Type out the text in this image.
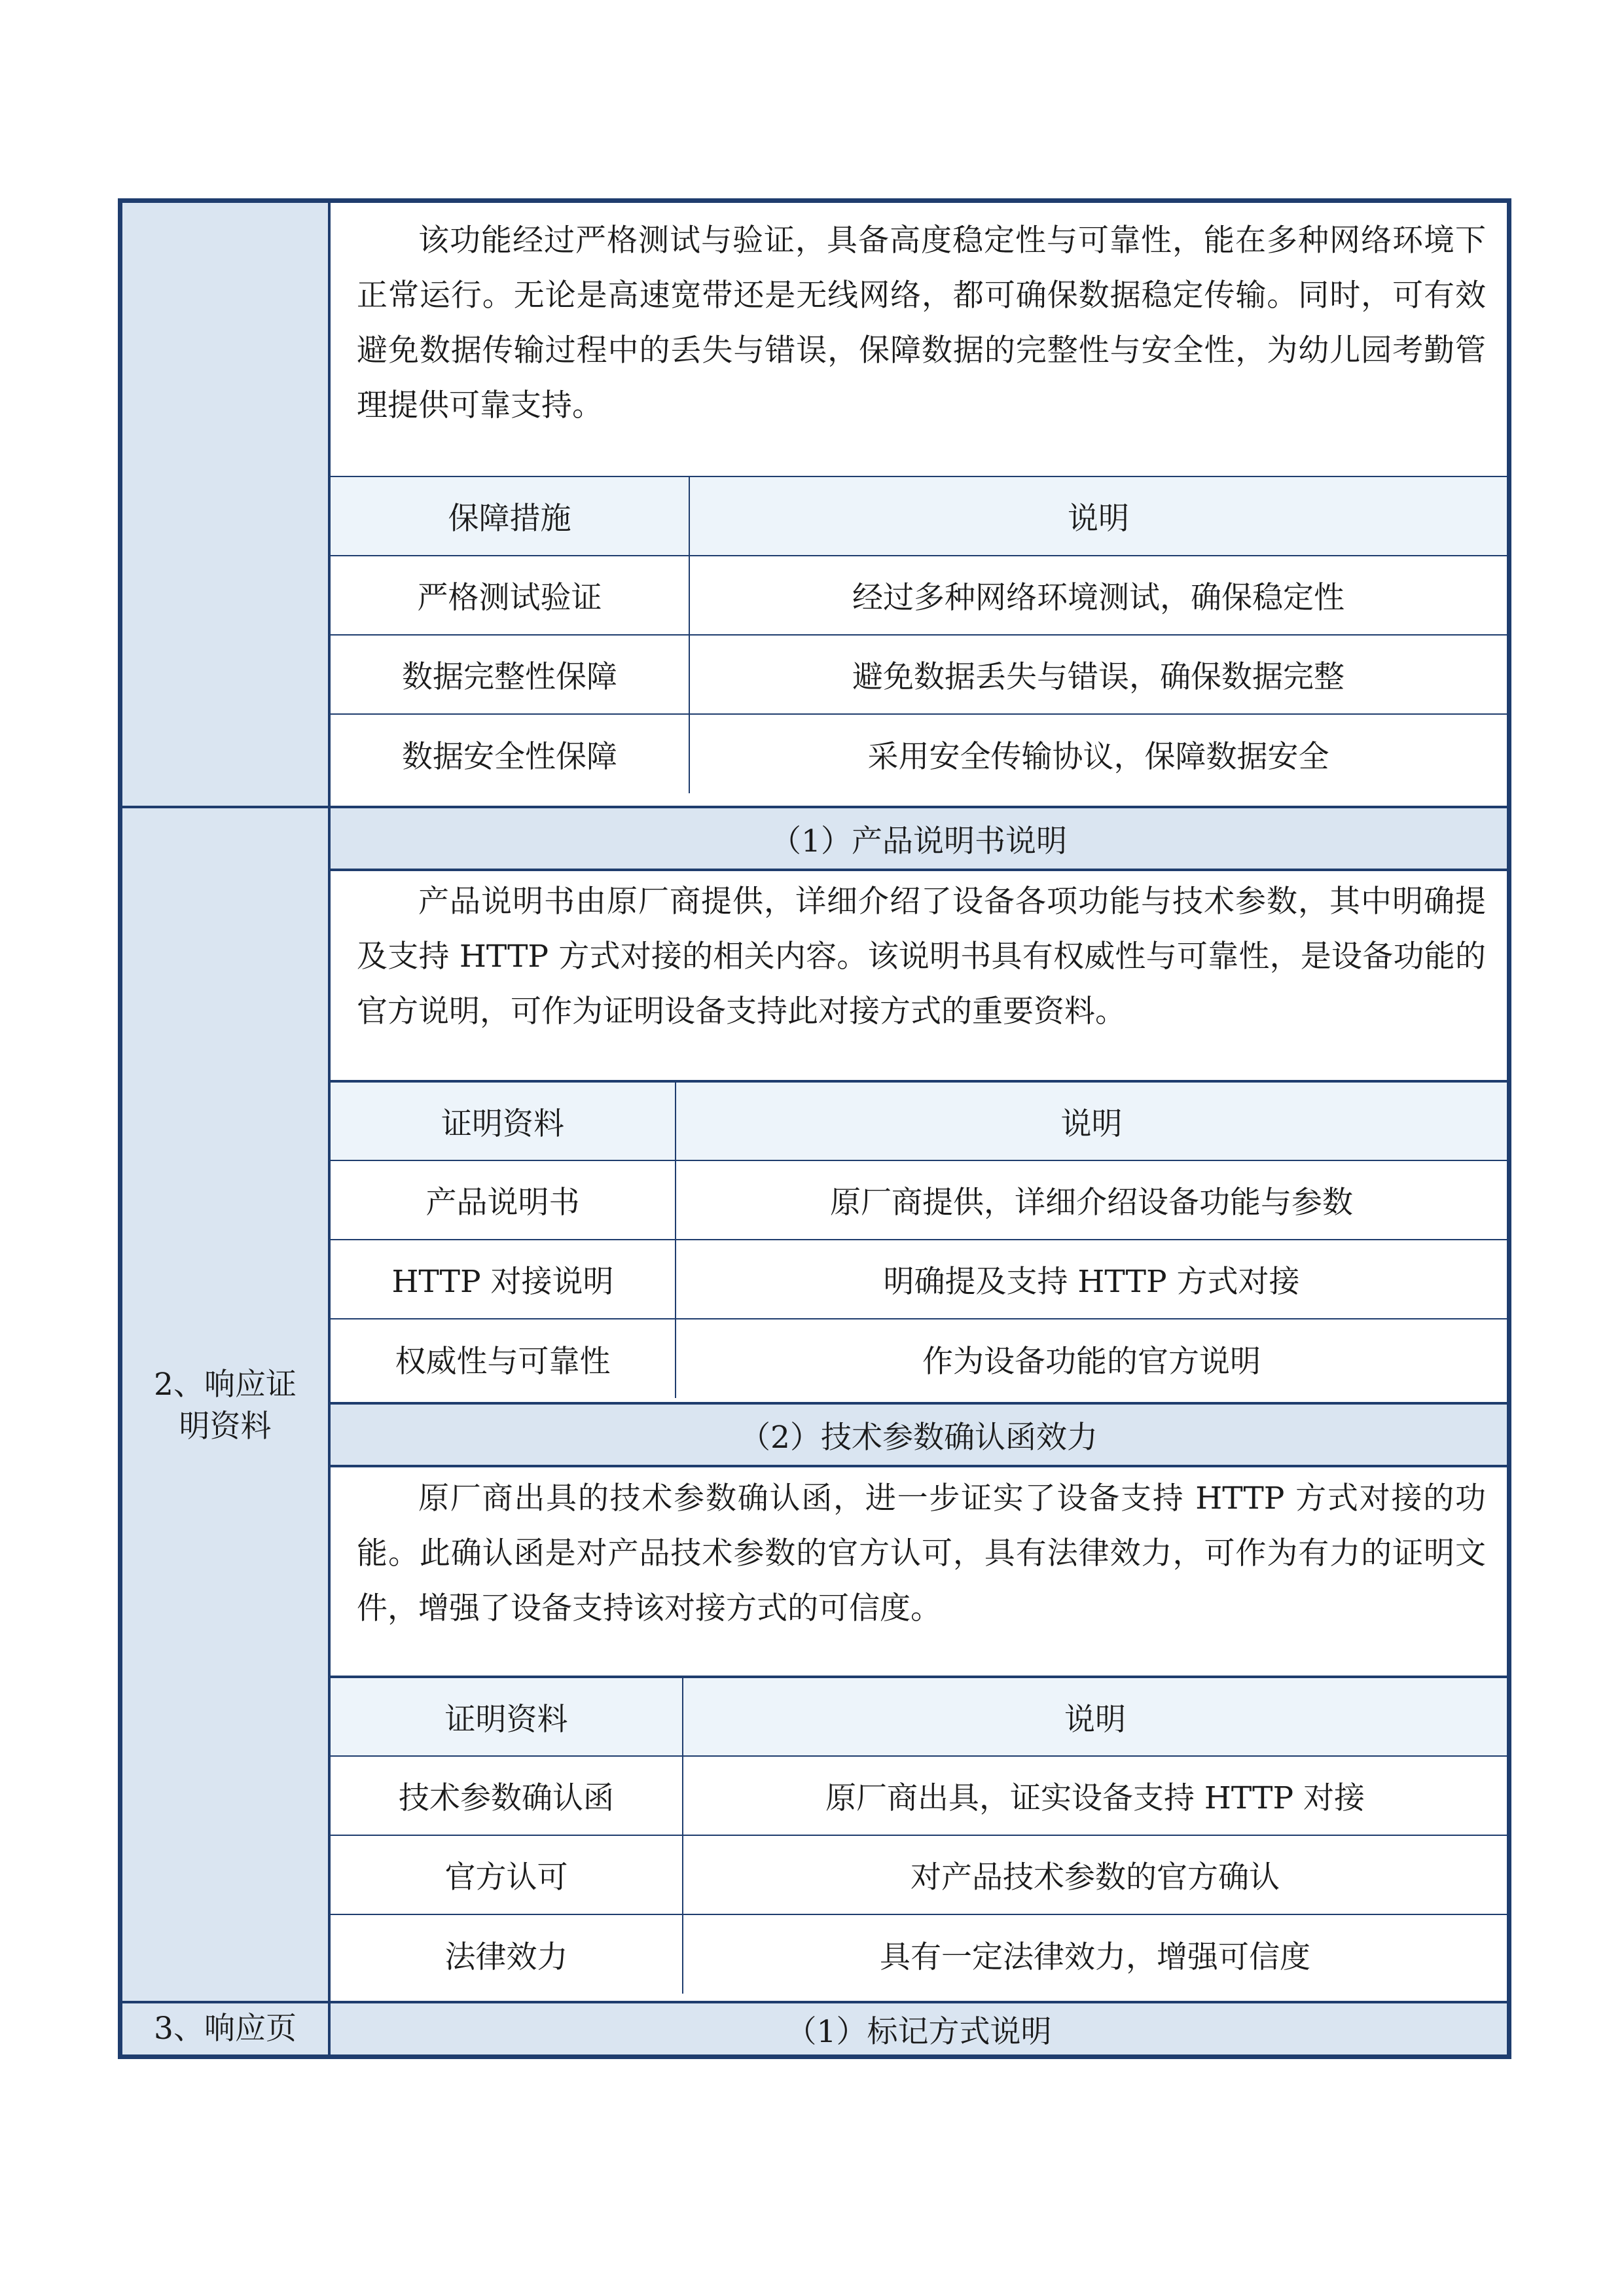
该功能经过严格测试与验证，具备高度稳定性与可靠性，能在多种网络环境下正常运行。无论是高速宽带还是无线网络，都可确保数据稳定传输。同时，可有效避免数据传输过程中的丢失与错误，保障数据的完整性与安全性，为幼儿园考勤管理提供可靠支持。
保障措施	说明
严格测试验证	经过多种网络环境测试，确保稳定性
数据完整性保障	避免数据丢失与错误，确保数据完整
数据安全性保障	采用安全传输协议，保障数据安全
2、响应证
明资料
（1）产品说明书说明
产品说明书由原厂商提供，详细介绍了设备各项功能与技术参数，其中明确提及支持 HTTP 方式对接的相关内容。该说明书具有权威性与可靠性，是设备功能的官方说明，可作为证明设备支持此对接方式的重要资料。
证明资料	说明
产品说明书	原厂商提供，详细介绍设备功能与参数
HTTP 对接说明	明确提及支持 HTTP 方式对接
权威性与可靠性	作为设备功能的官方说明
（2）技术参数确认函效力
原厂商出具的技术参数确认函，进一步证实了设备支持 HTTP 方式对接的功能。此确认函是对产品技术参数的官方认可，具有法律效力，可作为有力的证明文件，增强了设备支持该对接方式的可信度。
证明资料	说明
技术参数确认函	原厂商出具，证实设备支持 HTTP 对接
官方认可	对产品技术参数的官方确认
法律效力	具有一定法律效力，增强可信度
3、响应页	（1）标记方式说明
